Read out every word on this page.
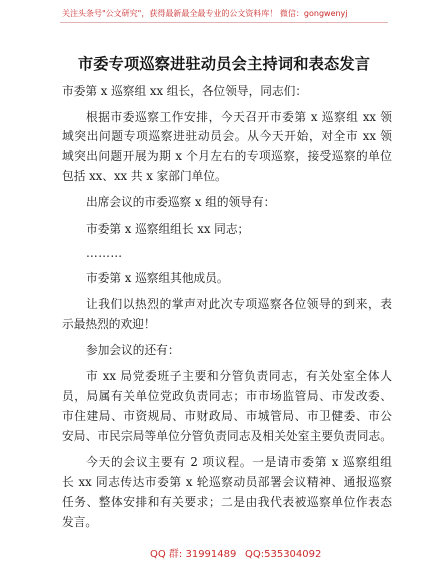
关注头条号"公文研究"，获得最新最全最专业的公文资料库！ 微信：gongwenyj
市委专项巡察进驻动员会主持词和表态发言
市委第 x 巡察组 xx 组长，各位领导，同志们：
根据市委巡察工作安排，今天召开市委第 x 巡察组 xx 领
域突出问题专项巡察进驻动员会。从今天开始，对全市 xx 领
域突出问题开展为期 x 个月左右的专项巡察，接受巡察的单位
包括 xx、xx 共 x 家部门单位。
出席会议的市委巡察 x 组的领导有：
市委第 x 巡察组组长 xx 同志；
………
市委第 x 巡察组其他成员。
让我们以热烈的掌声对此次专项巡察各位领导的到来，表
示最热烈的欢迎！
参加会议的还有：
市 xx 局党委班子主要和分管负责同志，有关处室全体人
员，局属有关单位党政负责同志；市市场监管局、市发改委、
市住建局、市资规局、市财政局、市城管局、市卫健委、市公
安局、市民宗局等单位分管负责同志及相关处室主要负责同志。
今天的会议主要有 2 项议程。一是请市委第 x 巡察组组
长 xx 同志传达市委第 x 轮巡察动员部署会议精神、通报巡察
任务、整体安排和有关要求；二是由我代表被巡察单位作表态
发言。
QQ 群: 31991489 QQ:535304092
